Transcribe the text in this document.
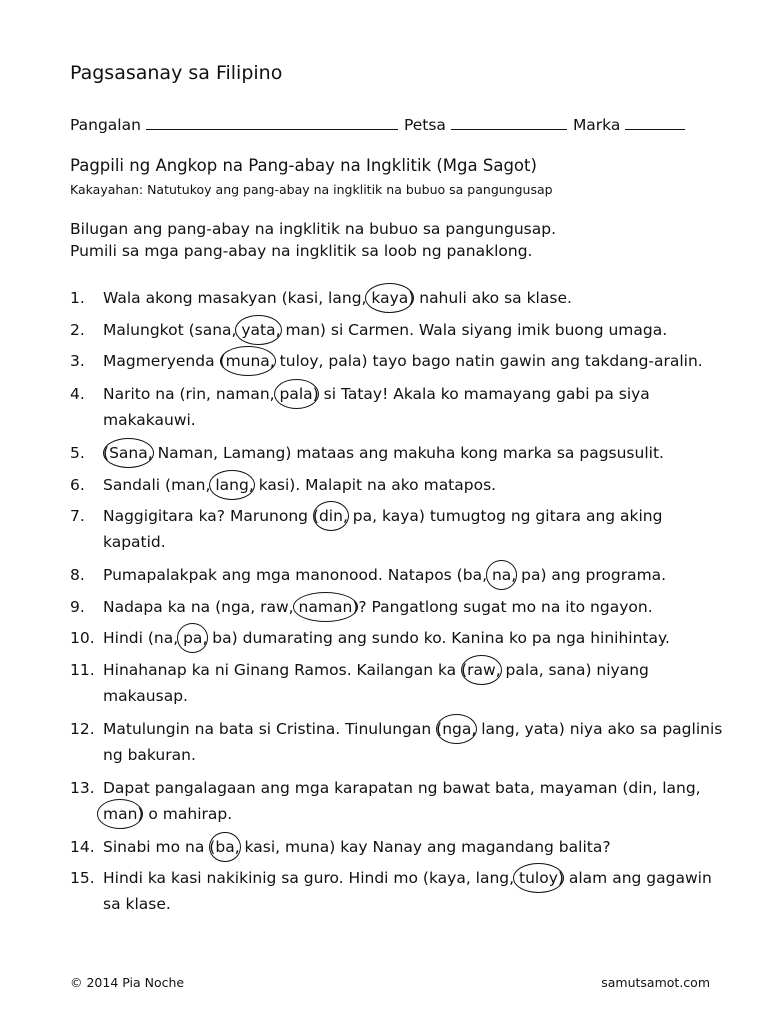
Pagsasanay sa Filipino
Pangalan	Petsa	Marka
Pagpili ng Angkop na Pang-abay na Ingklitik (Mga Sagot)
Kakayahan: Natutukoy ang pang-abay na ingklitik na bubuo sa pangungusap
Bilugan ang pang-abay na ingklitik na bubuo sa pangungusap.
Pumili sa mga pang-abay na ingklitik sa loob ng panaklong.
1. Wala akong masakyan (kasi, lang, kaya) nahuli ako sa klase.
2. Malungkot (sana, yata, man) si Carmen. Wala siyang imik buong umaga.
3. Magmeryenda (muna, tuloy, pala) tayo bago natin gawin ang takdang-aralin.
4. Narito na (rin, naman, pala) si Tatay! Akala ko mamayang gabi pa siya makakauwi.
5. (Sana, Naman, Lamang) mataas ang makuha kong marka sa pagsusulit.
6. Sandali (man, lang, kasi). Malapit na ako matapos.
7. Naggigitara ka? Marunong (din, pa, kaya) tumugtog ng gitara ang aking kapatid.
8. Pumapalakpak ang mga manonood. Natapos (ba, na, pa) ang programa.
9. Nadapa ka na (nga, raw, naman)? Pangatlong sugat mo na ito ngayon.
10. Hindi (na, pa, ba) dumarating ang sundo ko. Kanina ko pa nga hinihintay.
11. Hinahanap ka ni Ginang Ramos. Kailangan ka (raw, pala, sana) niyang makausap.
12. Matulungin na bata si Cristina. Tinulungan (nga, lang, yata) niya ako sa paglinis ng bakuran.
13. Dapat pangalagaan ang mga karapatan ng bawat bata, mayaman (din, lang, man) o mahirap.
14. Sinabi mo na (ba, kasi, muna) kay Nanay ang magandang balita?
15. Hindi ka kasi nakikinig sa guro. Hindi mo (kaya, lang, tuloy) alam ang gagawin sa klase.
© 2014 Pia Noche	samutsamot.com
